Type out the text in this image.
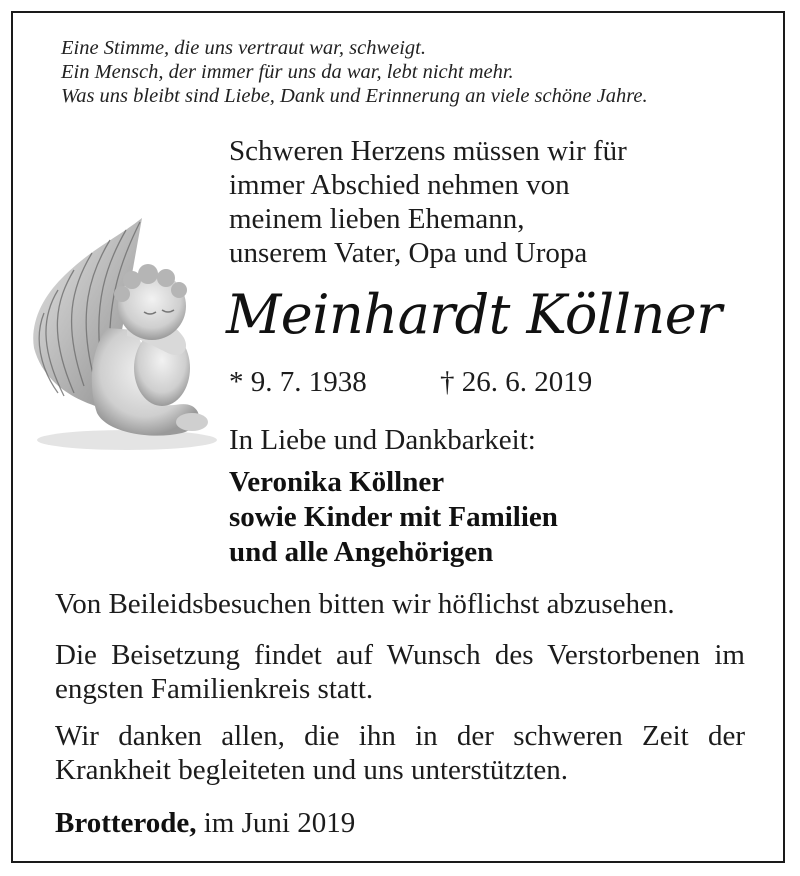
Eine Stimme, die uns vertraut war, schweigt.
Ein Mensch, der immer für uns da war, lebt nicht mehr.
Was uns bleibt sind Liebe, Dank und Erinnerung an viele schöne Jahre.
Schweren Herzens müssen wir für
immer Abschied nehmen von
meinem lieben Ehemann,
unserem Vater, Opa und Uropa
Meinhardt Köllner
* 9. 7. 1938	† 26. 6. 2019
In Liebe und Dankbarkeit:
Veronika Köllner
sowie Kinder mit Familien
und alle Angehörigen
Von Beileidsbesuchen bitten wir höflichst abzusehen.
Die Beisetzung findet auf Wunsch des Verstorbenen im engsten Familienkreis statt.
Wir danken allen, die ihn in der schweren Zeit der Krankheit begleiteten und uns unterstützten.
Brotterode, im Juni 2019
